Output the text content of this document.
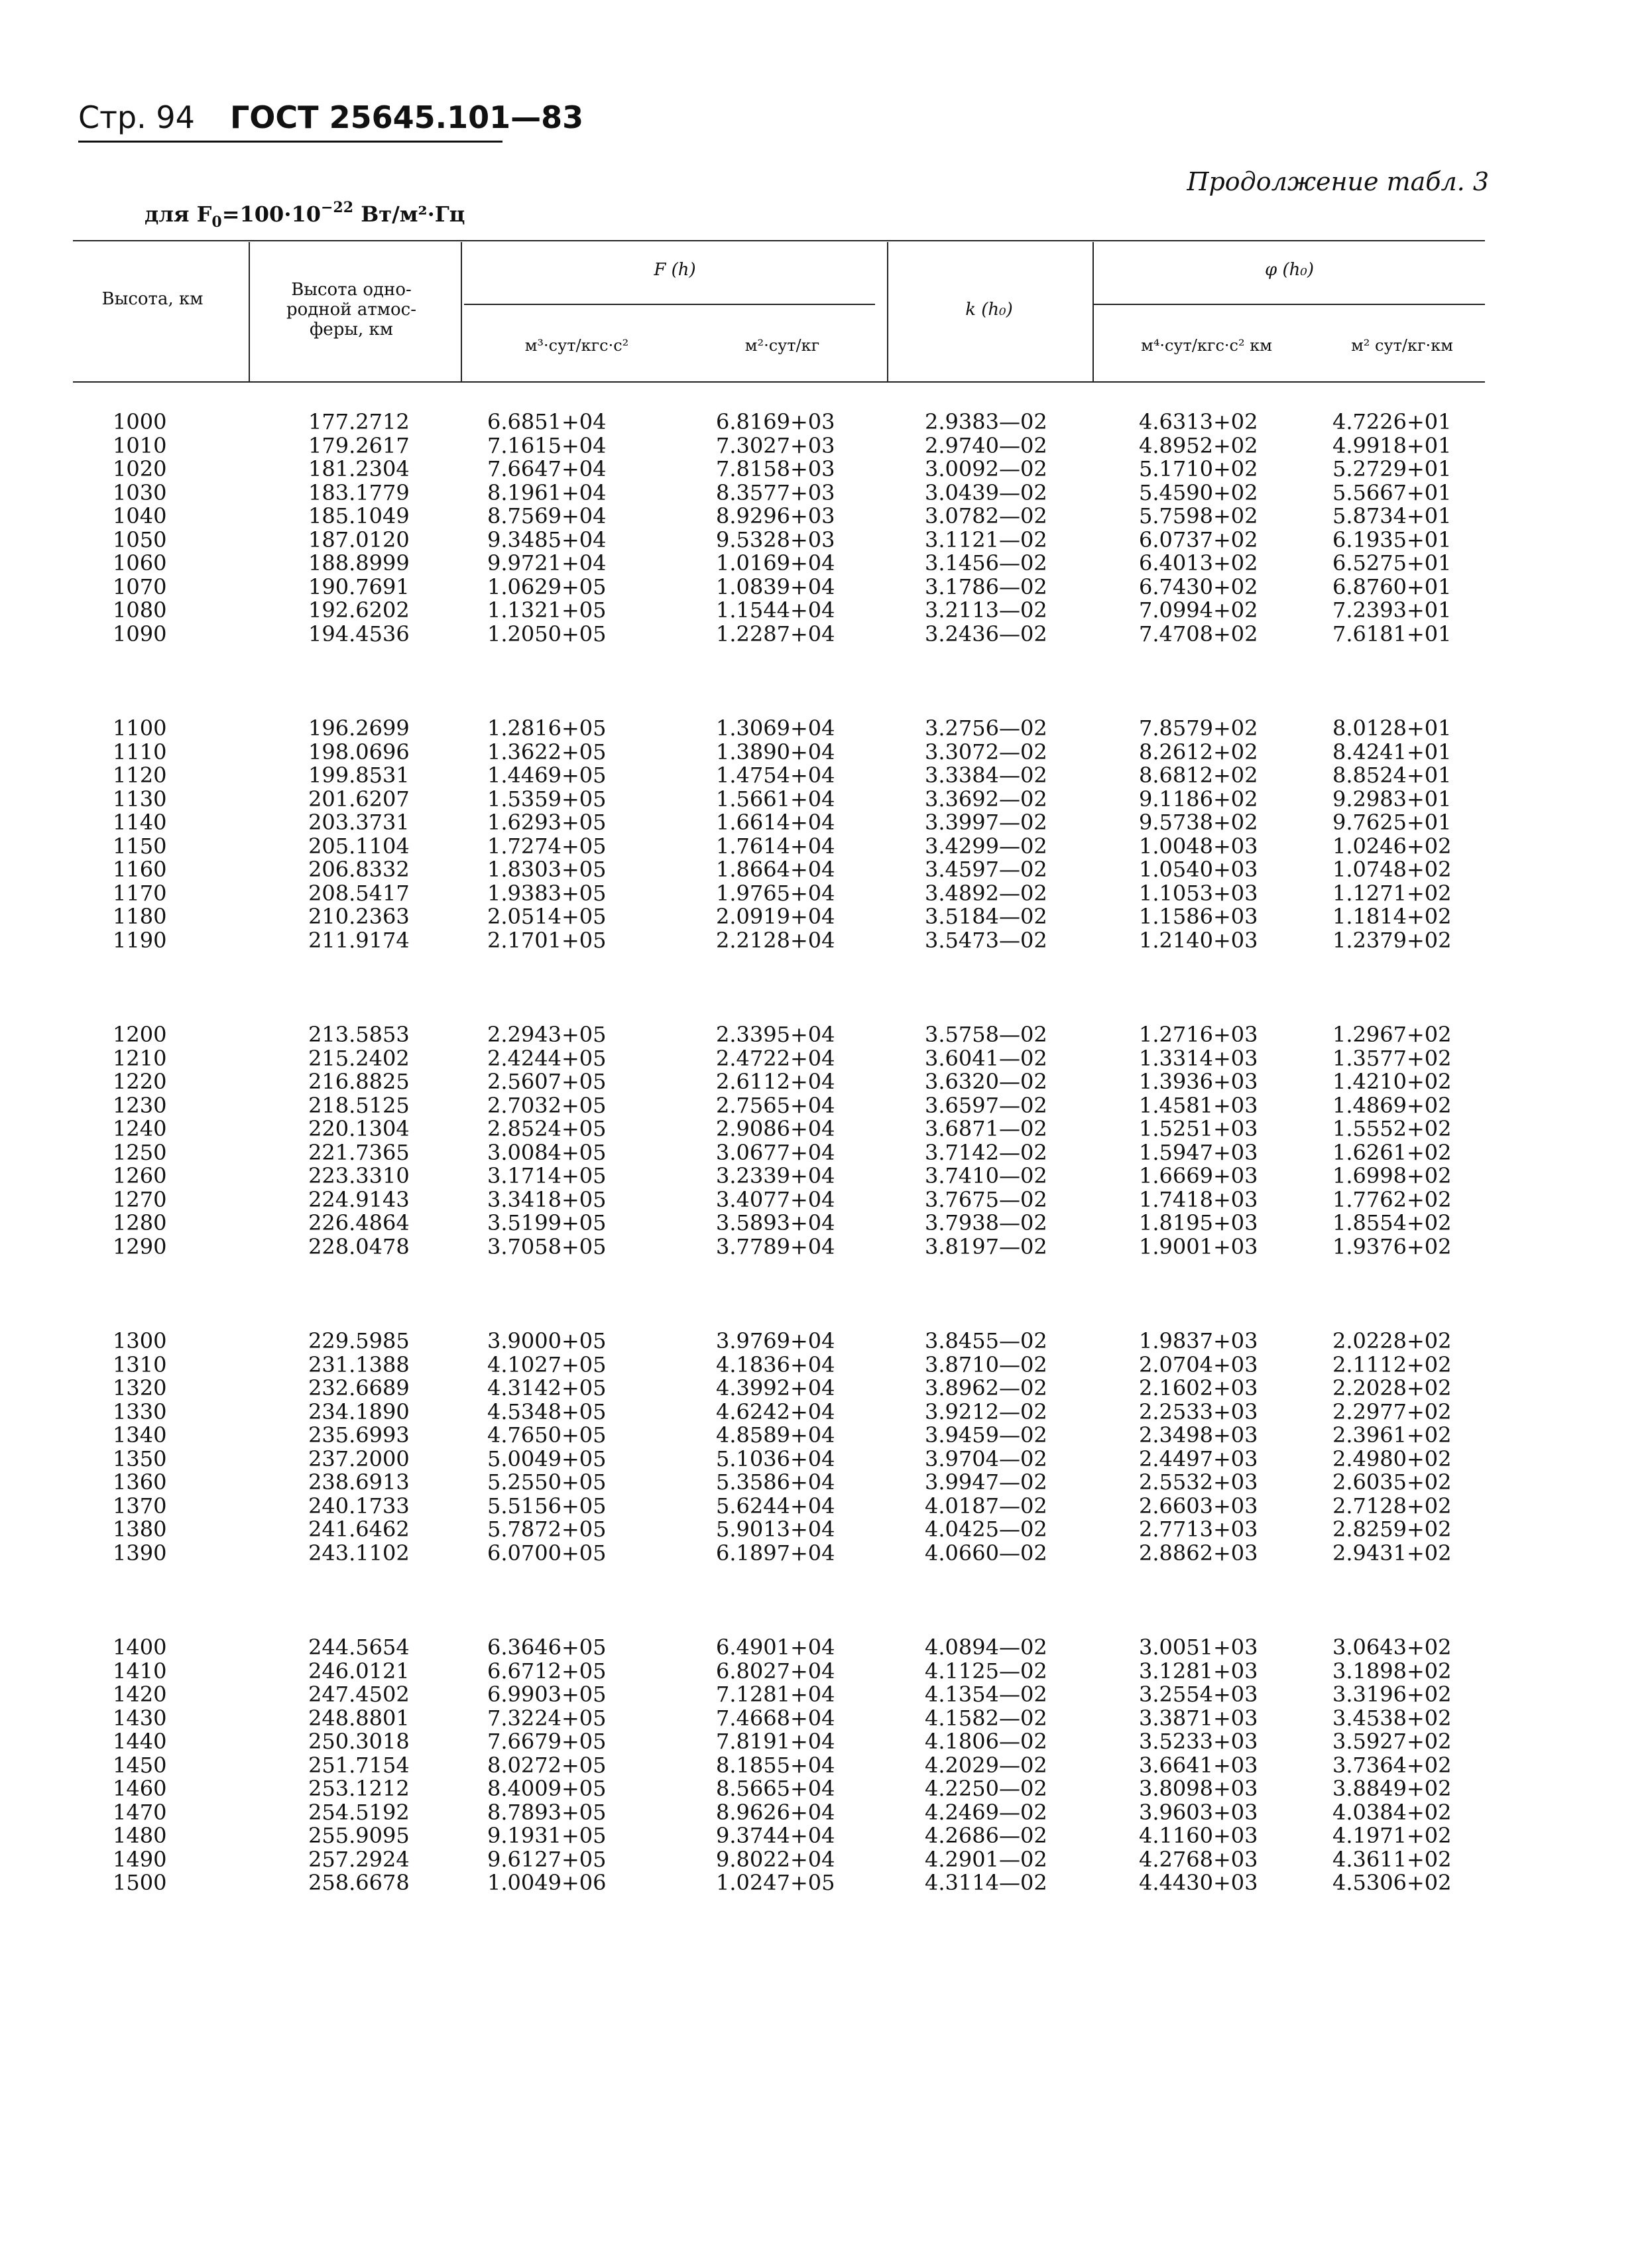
Стр. 94 ГОСТ 25645.101—83
Продолжение табл. 3
для $F_0=100\cdot 10^{-22}$ Вт/м²·Гц
Высота, км	Высота однородной атмосферы, км
F (h)
м³·сут/кгс·с²	м²·сут/кг
k (h₀)
φ (h₀)
м⁴·сут/кгс·с² км	м² сут/кг·км
1000	177.2712	6.6851+04	6.8169+03	2.9383—02	4.6313+02	4.7226+01
1010	179.2617	7.1615+04	7.3027+03	2.9740—02	4.8952+02	4.9918+01
1020	181.2304	7.6647+04	7.8158+03	3.0092—02	5.1710+02	5.2729+01
1030	183.1779	8.1961+04	8.3577+03	3.0439—02	5.4590+02	5.5667+01
1040	185.1049	8.7569+04	8.9296+03	3.0782—02	5.7598+02	5.8734+01
1050	187.0120	9.3485+04	9.5328+03	3.1121—02	6.0737+02	6.1935+01
1060	188.8999	9.9721+04	1.0169+04	3.1456—02	6.4013+02	6.5275+01
1070	190.7691	1.0629+05	1.0839+04	3.1786—02	6.7430+02	6.8760+01
1080	192.6202	1.1321+05	1.1544+04	3.2113—02	7.0994+02	7.2393+01
1090	194.4536	1.2050+05	1.2287+04	3.2436—02	7.4708+02	7.6181+01
1100	196.2699	1.2816+05	1.3069+04	3.2756—02	7.8579+02	8.0128+01
1110	198.0696	1.3622+05	1.3890+04	3.3072—02	8.2612+02	8.4241+01
1120	199.8531	1.4469+05	1.4754+04	3.3384—02	8.6812+02	8.8524+01
1130	201.6207	1.5359+05	1.5661+04	3.3692—02	9.1186+02	9.2983+01
1140	203.3731	1.6293+05	1.6614+04	3.3997—02	9.5738+02	9.7625+01
1150	205.1104	1.7274+05	1.7614+04	3.4299—02	1.0048+03	1.0246+02
1160	206.8332	1.8303+05	1.8664+04	3.4597—02	1.0540+03	1.0748+02
1170	208.5417	1.9383+05	1.9765+04	3.4892—02	1.1053+03	1.1271+02
1180	210.2363	2.0514+05	2.0919+04	3.5184—02	1.1586+03	1.1814+02
1190	211.9174	2.1701+05	2.2128+04	3.5473—02	1.2140+03	1.2379+02
1200	213.5853	2.2943+05	2.3395+04	3.5758—02	1.2716+03	1.2967+02
1210	215.2402	2.4244+05	2.4722+04	3.6041—02	1.3314+03	1.3577+02
1220	216.8825	2.5607+05	2.6112+04	3.6320—02	1.3936+03	1.4210+02
1230	218.5125	2.7032+05	2.7565+04	3.6597—02	1.4581+03	1.4869+02
1240	220.1304	2.8524+05	2.9086+04	3.6871—02	1.5251+03	1.5552+02
1250	221.7365	3.0084+05	3.0677+04	3.7142—02	1.5947+03	1.6261+02
1260	223.3310	3.1714+05	3.2339+04	3.7410—02	1.6669+03	1.6998+02
1270	224.9143	3.3418+05	3.4077+04	3.7675—02	1.7418+03	1.7762+02
1280	226.4864	3.5199+05	3.5893+04	3.7938—02	1.8195+03	1.8554+02
1290	228.0478	3.7058+05	3.7789+04	3.8197—02	1.9001+03	1.9376+02
1300	229.5985	3.9000+05	3.9769+04	3.8455—02	1.9837+03	2.0228+02
1310	231.1388	4.1027+05	4.1836+04	3.8710—02	2.0704+03	2.1112+02
1320	232.6689	4.3142+05	4.3992+04	3.8962—02	2.1602+03	2.2028+02
1330	234.1890	4.5348+05	4.6242+04	3.9212—02	2.2533+03	2.2977+02
1340	235.6993	4.7650+05	4.8589+04	3.9459—02	2.3498+03	2.3961+02
1350	237.2000	5.0049+05	5.1036+04	3.9704—02	2.4497+03	2.4980+02
1360	238.6913	5.2550+05	5.3586+04	3.9947—02	2.5532+03	2.6035+02
1370	240.1733	5.5156+05	5.6244+04	4.0187—02	2.6603+03	2.7128+02
1380	241.6462	5.7872+05	5.9013+04	4.0425—02	2.7713+03	2.8259+02
1390	243.1102	6.0700+05	6.1897+04	4.0660—02	2.8862+03	2.9431+02
1400	244.5654	6.3646+05	6.4901+04	4.0894—02	3.0051+03	3.0643+02
1410	246.0121	6.6712+05	6.8027+04	4.1125—02	3.1281+03	3.1898+02
1420	247.4502	6.9903+05	7.1281+04	4.1354—02	3.2554+03	3.3196+02
1430	248.8801	7.3224+05	7.4668+04	4.1582—02	3.3871+03	3.4538+02
1440	250.3018	7.6679+05	7.8191+04	4.1806—02	3.5233+03	3.5927+02
1450	251.7154	8.0272+05	8.1855+04	4.2029—02	3.6641+03	3.7364+02
1460	253.1212	8.4009+05	8.5665+04	4.2250—02	3.8098+03	3.8849+02
1470	254.5192	8.7893+05	8.9626+04	4.2469—02	3.9603+03	4.0384+02
1480	255.9095	9.1931+05	9.3744+04	4.2686—02	4.1160+03	4.1971+02
1490	257.2924	9.6127+05	9.8022+04	4.2901—02	4.2768+03	4.3611+02
1500	258.6678	1.0049+06	1.0247+05	4.3114—02	4.4430+03	4.5306+02
